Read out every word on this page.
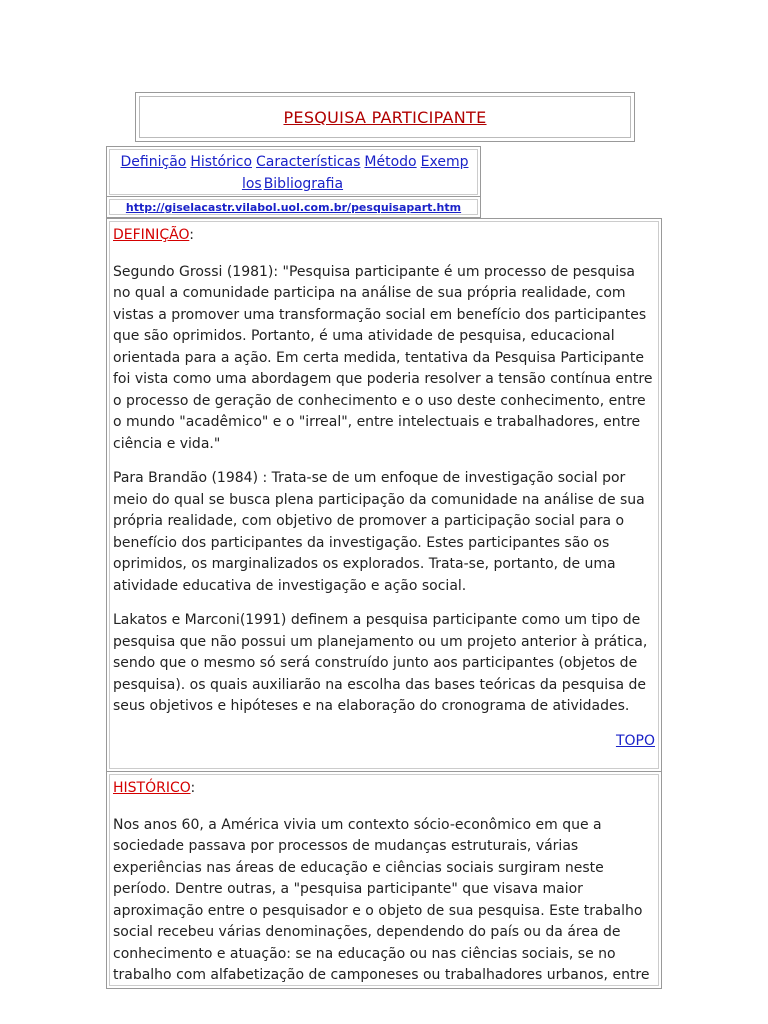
PESQUISA PARTICIPANTE
Definição Histórico Características Método Exemp
los Bibliografia
http://giselacastr.vilabol.uol.com.br/pesquisapart.htm
DEFINIÇÃO:

Segundo Grossi (1981): "Pesquisa participante é um processo de pesquisa no qual a comunidade participa na análise de sua própria realidade, com vistas a promover uma transformação social em benefício dos participantes que são oprimidos. Portanto, é uma atividade de pesquisa, educacional orientada para a ação. Em certa medida, tentativa da Pesquisa Participante foi vista como uma abordagem que poderia resolver a tensão contínua entre o processo de geração de conhecimento e o uso deste conhecimento, entre o mundo "acadêmico" e o "irreal", entre intelectuais e trabalhadores, entre ciência e vida."

Para Brandão (1984) : Trata-se de um enfoque de investigação social por meio do qual se busca plena participação da comunidade na análise de sua própria realidade, com objetivo de promover a participação social para o benefício dos participantes da investigação. Estes participantes são os oprimidos, os marginalizados os explorados. Trata-se, portanto, de uma atividade educativa de investigação e ação social.

Lakatos e Marconi(1991) definem a pesquisa participante como um tipo de pesquisa que não possui um planejamento ou um projeto anterior à prática, sendo que o mesmo só será construído junto aos participantes (objetos de pesquisa). os quais auxiliarão na escolha das bases teóricas da pesquisa de seus objetivos e hipóteses e na elaboração do cronograma de atividades.

TOPO
HISTÓRICO:

Nos anos 60, a América vivia um contexto sócio-econômico em que a sociedade passava por processos de mudanças estruturais, várias experiências nas áreas de educação e ciências sociais surgiram neste período. Dentre outras, a "pesquisa participante" que visava maior aproximação entre o pesquisador e o objeto de sua pesquisa. Este trabalho social recebeu várias denominações, dependendo do país ou da área de conhecimento e atuação: se na educação ou nas ciências sociais, se no trabalho com alfabetização de camponeses ou trabalhadores urbanos, entre
